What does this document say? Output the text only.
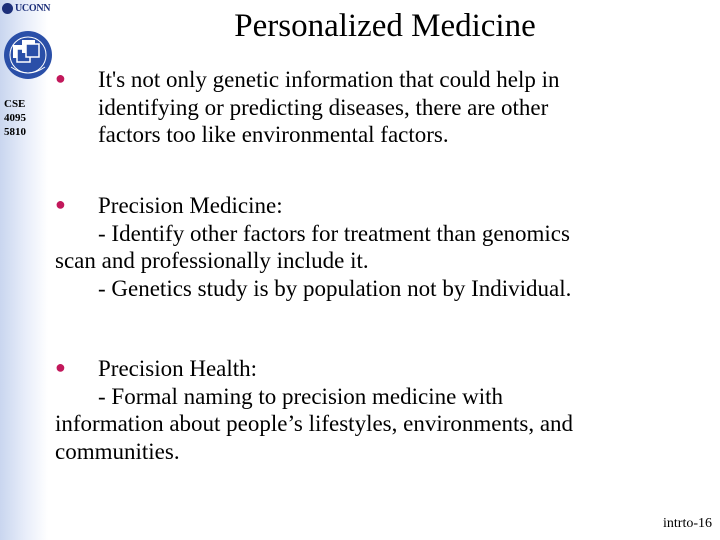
UCONN
CSE
4095
5810
Personalized Medicine
●	It's not only genetic information that could help in
identifying or predicting diseases, there are other
factors too like environmental factors.
●	Precision Medicine:
- Identify other factors for treatment than genomics
scan and professionally include it.
- Genetics study is by population not by Individual.
●	Precision Health:
- Formal naming to precision medicine with
information about people’s lifestyles, environments, and
communities.
intrto-16
